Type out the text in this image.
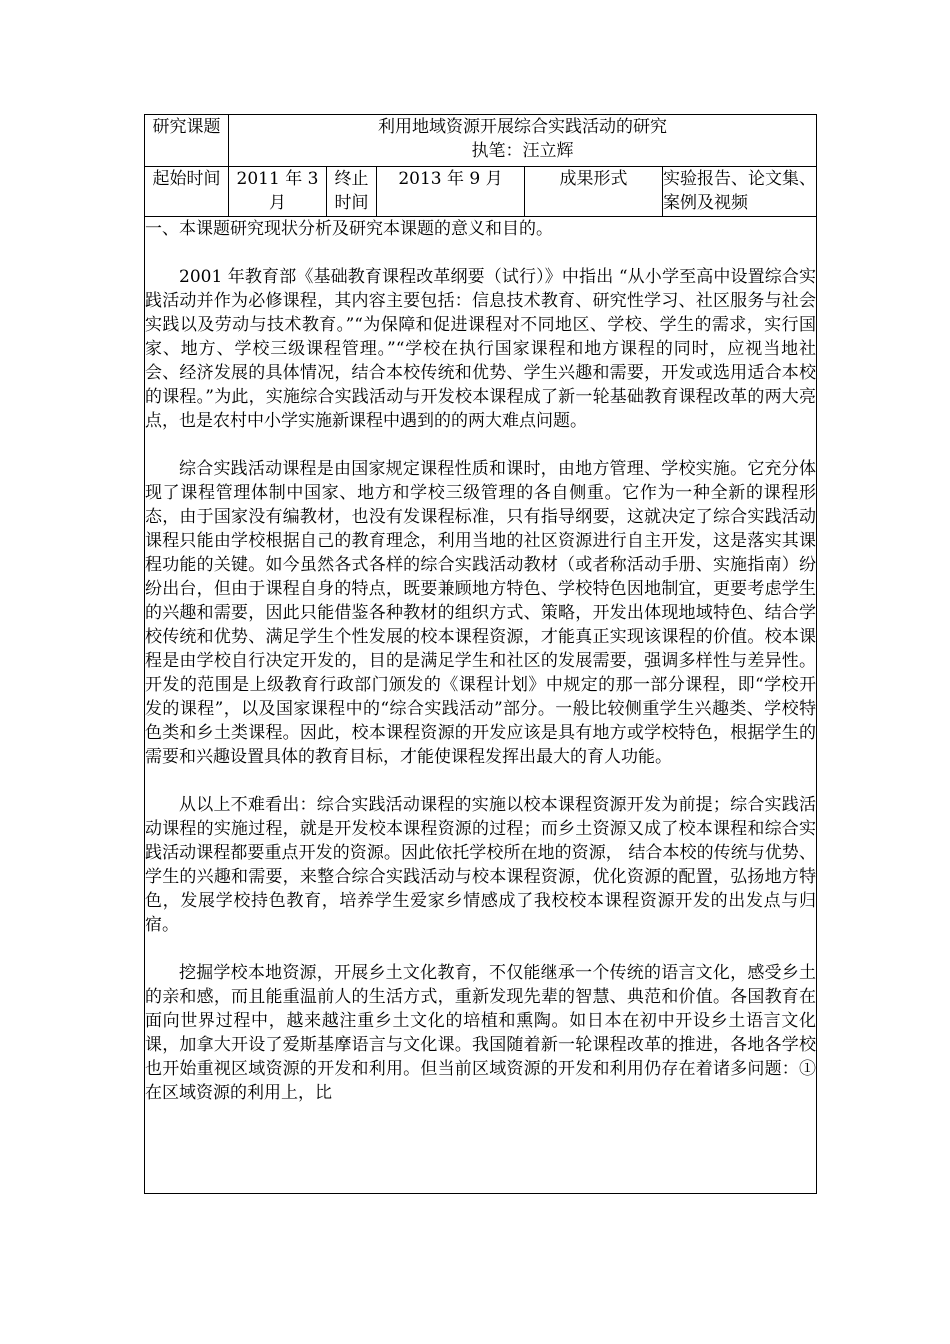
研究课题	利用地域资源开展综合实践活动的研究
执笔：汪立辉				

起始时间	2011 年 3 月	终止时间	2013 年 9 月	成果形式	实验报告、论文集、案例及视频

一、本课题研究现状分析及研究本课题的意义和目的。

2001 年教育部《基础教育课程改革纲要（试行）》中指出 “从小学至高中设置综合实践活动并作为必修课程，其内容主要包括：信息技术教育、研究性学习、社区服务与社会实践以及劳动与技术教育。”“为保障和促进课程对不同地区、学校、学生的需求，实行国家、地方、学校三级课程管理。”“学校在执行国家课程和地方课程的同时，应视当地社会、经济发展的具体情况，结合本校传统和优势、学生兴趣和需要，开发或选用适合本校的课程。”为此，实施综合实践活动与开发校本课程成了新一轮基础教育课程改革的两大亮点，也是农村中小学实施新课程中遇到的的两大难点问题。

综合实践活动课程是由国家规定课程性质和课时，由地方管理、学校实施。它充分体现了课程管理体制中国家、地方和学校三级管理的各自侧重。它作为一种全新的课程形态，由于国家没有编教材，也没有发课程标准，只有指导纲要，这就决定了综合实践活动课程只能由学校根据自己的教育理念，利用当地的社区资源进行自主开发，这是落实其课程功能的关键。如今虽然各式各样的综合实践活动教材（或者称活动手册、实施指南）纷纷出台，但由于课程自身的特点，既要兼顾地方特色、学校特色因地制宜，更要考虑学生的兴趣和需要，因此只能借鉴各种教材的组织方式、策略，开发出体现地域特色、结合学校传统和优势、满足学生个性发展的校本课程资源，才能真正实现该课程的价值。校本课程是由学校自行决定开发的，目的是满足学生和社区的发展需要，强调多样性与差异性。开发的范围是上级教育行政部门颁发的《课程计划》中规定的那一部分课程，即“学校开发的课程”，以及国家课程中的“综合实践活动”部分。一般比较侧重学生兴趣类、学校特色类和乡土类课程。因此，校本课程资源的开发应该是具有地方或学校特色，根据学生的需要和兴趣设置具体的教育目标，才能使课程发挥出最大的育人功能。

从以上不难看出：综合实践活动课程的实施以校本课程资源开发为前提；综合实践活动课程的实施过程，就是开发校本课程资源的过程；而乡土资源又成了校本课程和综合实践活动课程都要重点开发的资源。因此依托学校所在地的资源， 结合本校的传统与优势、学生的兴趣和需要，来整合综合实践活动与校本课程资源，优化资源的配置，弘扬地方特色，发展学校持色教育，培养学生爱家乡情感成了我校校本课程资源开发的出发点与归宿。

挖掘学校本地资源，开展乡土文化教育，不仅能继承一个传统的语言文化，感受乡土的亲和感，而且能重温前人的生活方式，重新发现先辈的智慧、典范和价值。各国教育在面向世界过程中，越来越注重乡土文化的培植和熏陶。如日本在初中开设乡土语言文化课，加拿大开设了爱斯基摩语言与文化课。我国随着新一轮课程改革的推进，各地各学校也开始重视区域资源的开发和利用。但当前区域资源的开发和利用仍存在着诸多问题：①在区域资源的利用上，比					
